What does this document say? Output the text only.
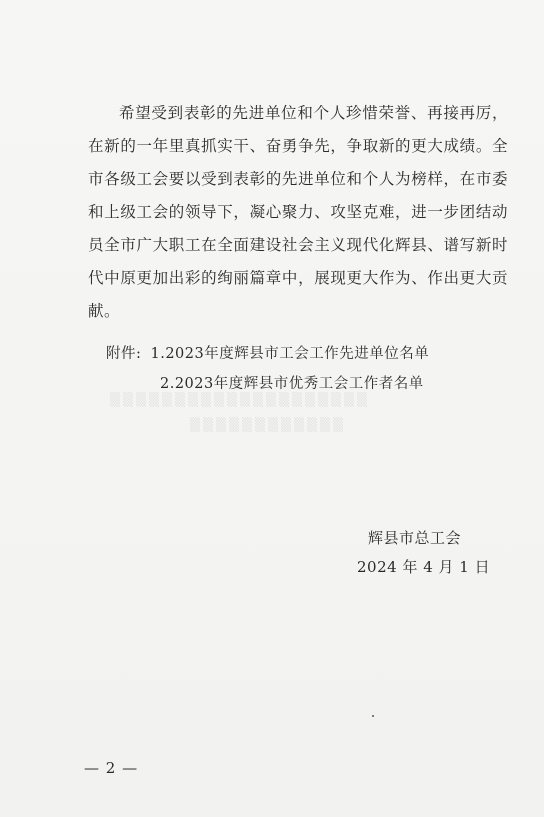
希望受到表彰的先进单位和个人珍惜荣誉、再接再厉，在新的一年里真抓实干、奋勇争先，争取新的更大成绩。全市各级工会要以受到表彰的先进单位和个人为榜样，在市委和上级工会的领导下，凝心聚力、攻坚克难，进一步团结动员全市广大职工在全面建设社会主义现代化辉县、谱写新时代中原更加出彩的绚丽篇章中，展现更大作为、作出更大贡献。

附件: 1.2023年度辉县市工会工作先进单位名单
2.2023年度辉县市优秀工会工作者名单
▒▒▒▒▒▒▒▒▒▒▒▒▒▒▒▒▒▒▒▒
▒▒▒▒▒▒▒▒▒▒▒▒
辉县市总工会
2024 年 4 月 1 日
— 2 —
